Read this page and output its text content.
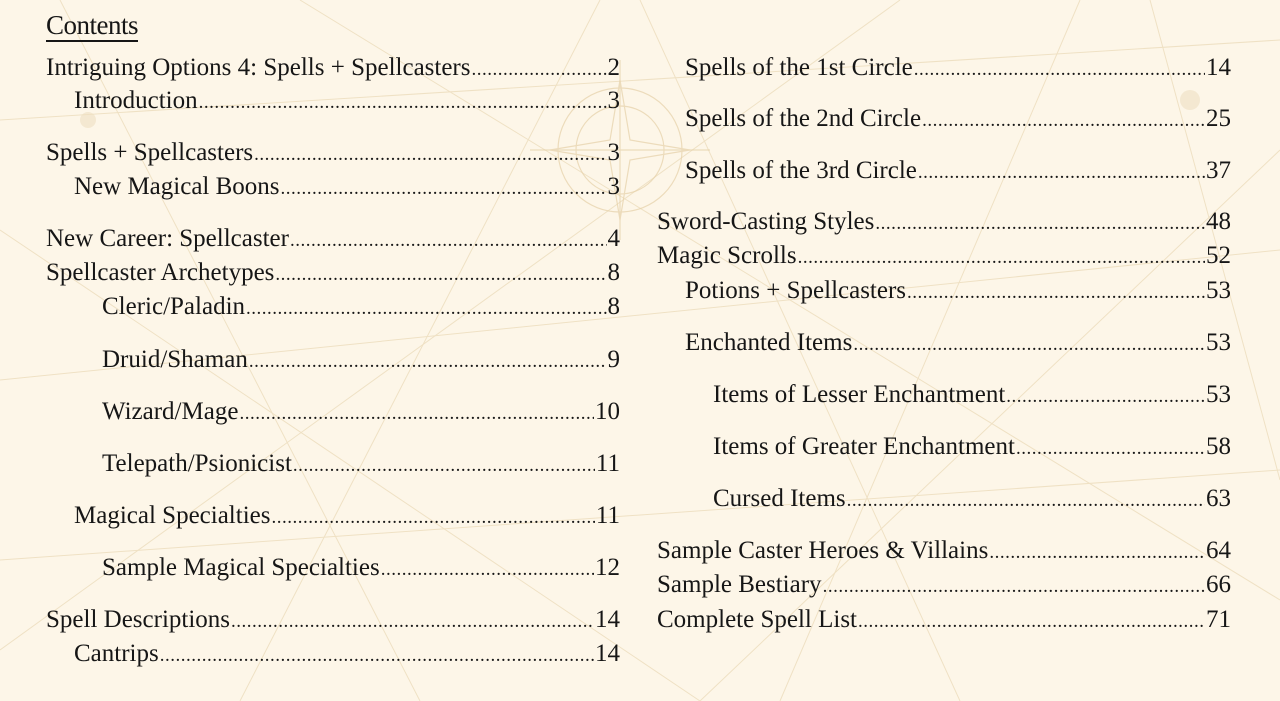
Contents
Intriguing Options 4: Spells + Spellcasters .....	2
Introduction .....	3
Spells + Spellcasters .....	3
New Magical Boons .....	3
New Career: Spellcaster .....	4
Spellcaster Archetypes .....	8
Cleric/Paladin .....	8
Druid/Shaman .....	9
Wizard/Mage .....	10
Telepath/Psionicist .....	11
Magical Specialties .....	11
Sample Magical Specialties .....	12
Spell Descriptions .....	14
Cantrips .....	14
Spells of the 1st Circle .....	14
Spells of the 2nd Circle .....	25
Spells of the 3rd Circle .....	37
Sword-Casting Styles .....	48
Magic Scrolls .....	52
Potions + Spellcasters .....	53
Enchanted Items .....	53
Items of Lesser Enchantment .....	53
Items of Greater Enchantment .....	58
Cursed Items .....	63
Sample Caster Heroes & Villains .....	64
Sample Bestiary .....	66
Complete Spell List .....	71
